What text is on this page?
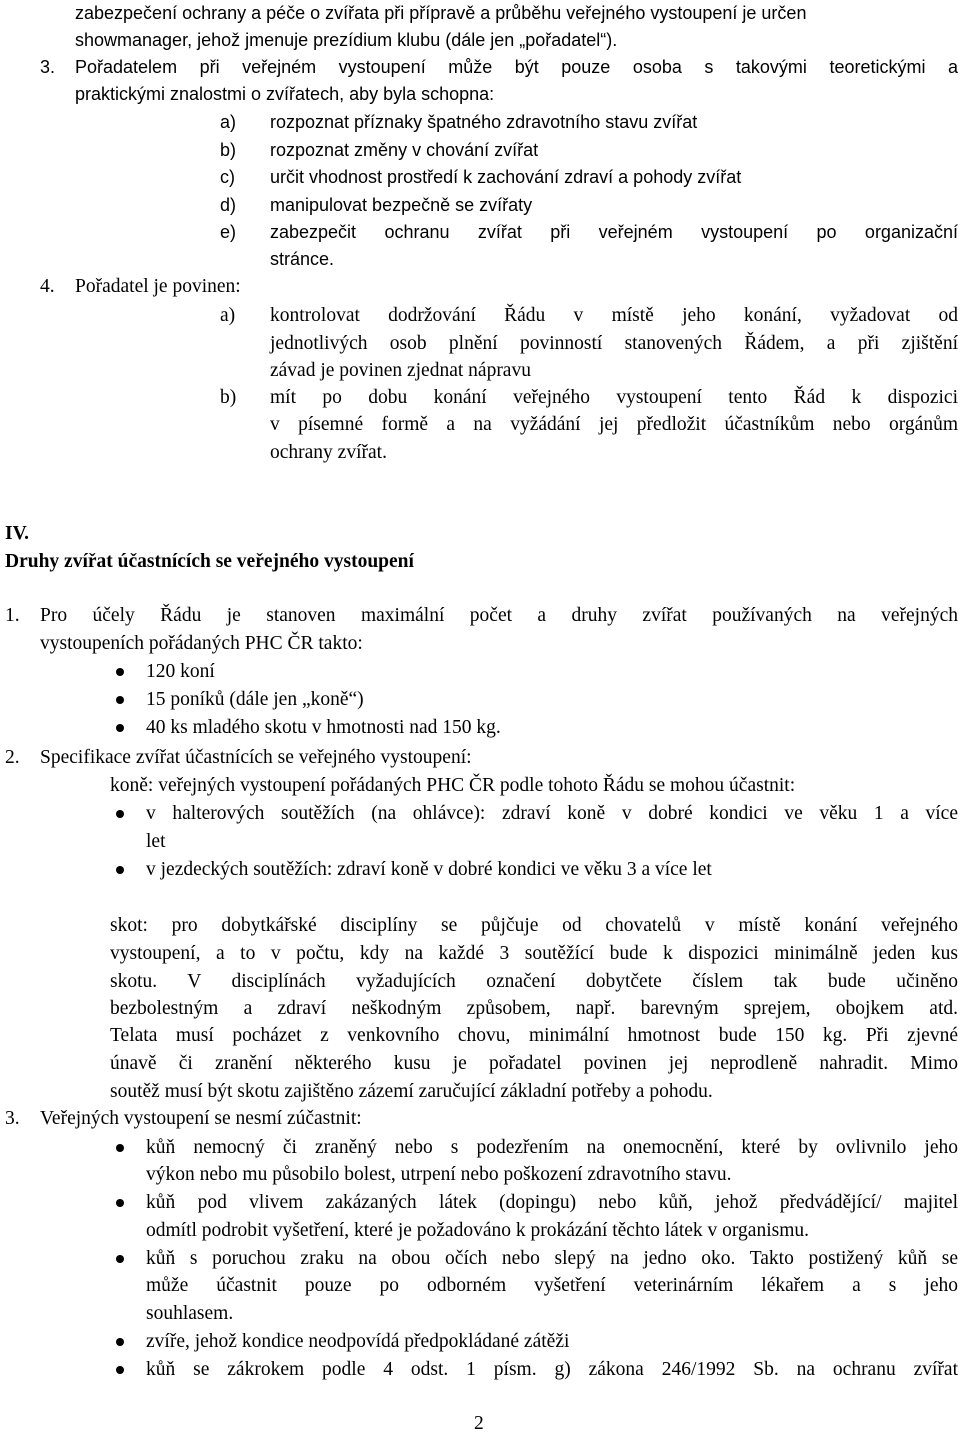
zabezpečení ochrany a péče o zvířata při přípravě a průběhu veřejného vystoupení je určen
showmanager, jehož jmenuje prezídium klubu (dále jen „pořadatel“).
3. Pořadatelem při veřejném vystoupení může být pouze osoba s takovými teoretickými a
praktickými znalostmi o zvířatech, aby byla schopna:
a) rozpoznat příznaky špatného zdravotního stavu zvířat
b) rozpoznat změny v chování zvířat
c) určit vhodnost prostředí k zachování zdraví a pohody zvířat
d) manipulovat bezpečně se zvířaty
e) zabezpečit ochranu zvířat při veřejném vystoupení po organizační
stránce.
4. Pořadatel je povinen:
a) kontrolovat dodržování Řádu v místě jeho konání, vyžadovat od
jednotlivých osob plnění povinností stanovených Řádem, a při zjištění
závad je povinen zjednat nápravu
b) mít po dobu konání veřejného vystoupení tento Řád k dispozici
v písemné formě a na vyžádání jej předložit účastníkům nebo orgánům
ochrany zvířat.
IV.
Druhy zvířat účastnících se veřejného vystoupení
1. Pro účely Řádu je stanoven maximální počet a druhy zvířat používaných na veřejných
vystoupeních pořádaných PHC ČR takto:
120 koní
15 poníků (dále jen „koně“)
40 ks mladého skotu v hmotnosti nad 150 kg.
2. Specifikace zvířat účastnících se veřejného vystoupení:
koně: veřejných vystoupení pořádaných PHC ČR podle tohoto Řádu se mohou účastnit:
v halterových soutěžích (na ohlávce): zdraví koně v dobré kondici ve věku 1 a více
let
v jezdeckých soutěžích: zdraví koně v dobré kondici ve věku 3 a více let
skot: pro dobytkářské disciplíny se půjčuje od chovatelů v místě konání veřejného
vystoupení, a to v počtu, kdy na každé 3 soutěžící bude k dispozici minimálně jeden kus
skotu. V disciplínách vyžadujících označení dobytčete číslem tak bude učiněno
bezbolestným a zdraví neškodným způsobem, např. barevným sprejem, obojkem atd.
Telata musí pocházet z venkovního chovu, minimální hmotnost bude 150 kg. Při zjevné
únavě či zranění některého kusu je pořadatel povinen jej neprodleně nahradit. Mimo
soutěž musí být skotu zajištěno zázemí zaručující základní potřeby a pohodu.
3. Veřejných vystoupení se nesmí zúčastnit:
kůň nemocný či zraněný nebo s podezřením na onemocnění, které by ovlivnilo jeho
výkon nebo mu působilo bolest, utrpení nebo poškození zdravotního stavu.
kůň pod vlivem zakázaných látek (dopingu) nebo kůň, jehož předvádějící/ majitel
odmítl podrobit vyšetření, které je požadováno k prokázání těchto látek v organismu.
kůň s poruchou zraku na obou očích nebo slepý na jedno oko. Takto postižený kůň se
může účastnit pouze po odborném vyšetření veterinárním lékařem a s jeho
souhlasem.
zvíře, jehož kondice neodpovídá předpokládané zátěži
kůň se zákrokem podle 4 odst. 1 písm. g) zákona 246/1992 Sb. na ochranu zvířat
2
